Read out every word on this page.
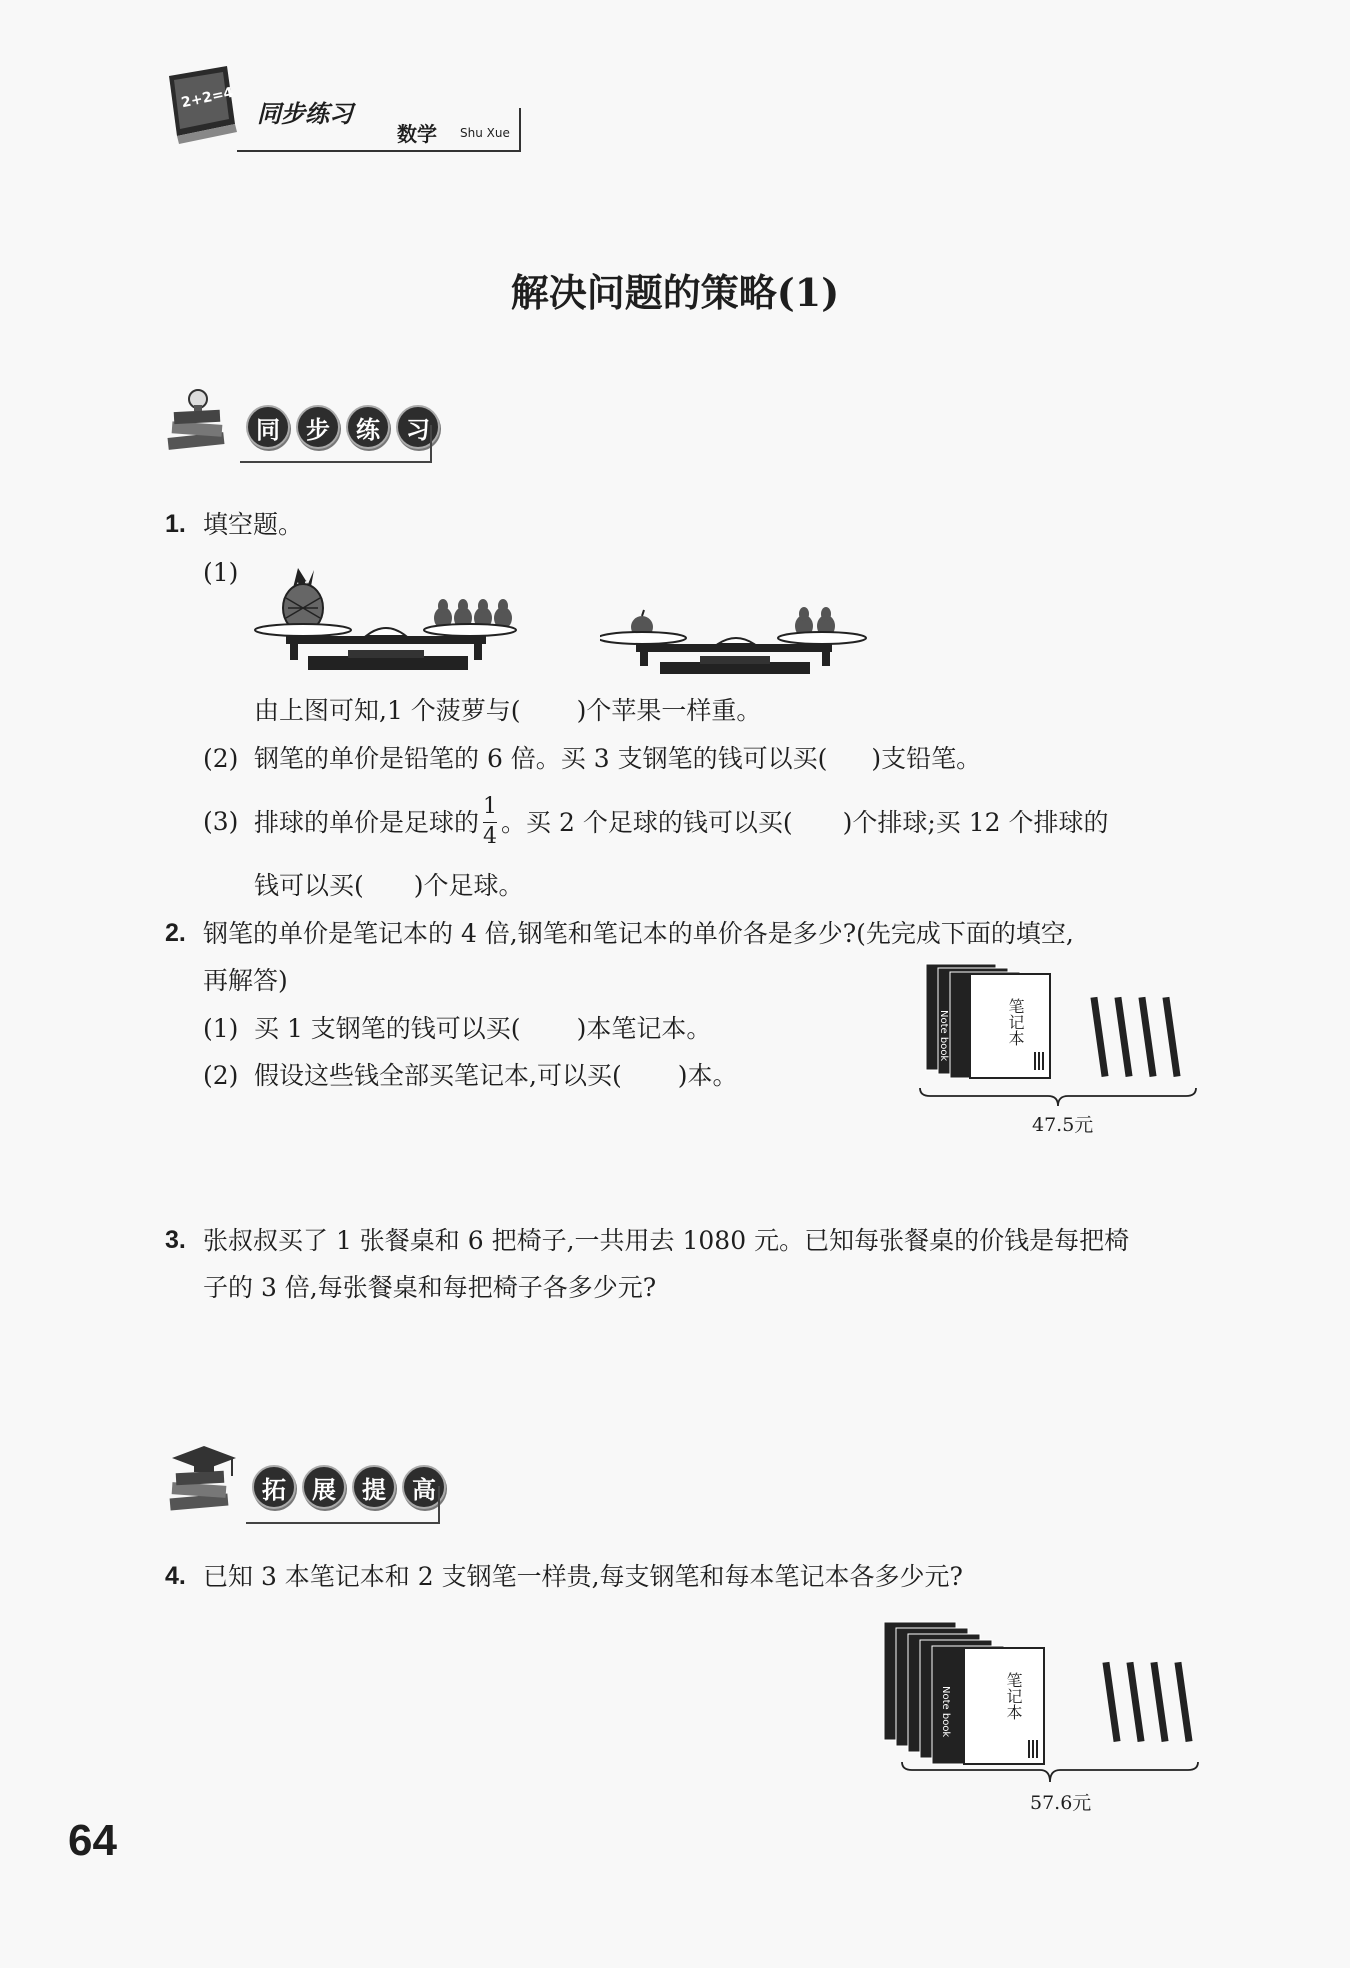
2+2=4
同步练习
数学 Shu Xue
解决问题的策略(1)
同	步	练	习
1. 填空题。
(1)
由上图可知,1 个菠萝与( )个苹果一样重。
(2) 钢笔的单价是铅笔的 6 倍。买 3 支钢笔的钱可以买( )支铅笔。
(3) 排球的单价是足球的 $\frac{1}{4}$ 。买 2 个足球的钱可以买( )个排球;买 12 个排球的
钱可以买( )个足球。
2. 钢笔的单价是笔记本的 4 倍,钢笔和笔记本的单价各是多少?(先完成下面的填空,
再解答)
(1) 买 1 支钢笔的钱可以买( )本笔记本。
(2) 假设这些钱全部买笔记本,可以买( )本。
Note book	笔记本
47.5元
3. 张叔叔买了 1 张餐桌和 6 把椅子,一共用去 1080 元。已知每张餐桌的价钱是每把椅
子的 3 倍,每张餐桌和每把椅子各多少元?
拓	展	提	高
4. 已知 3 本笔记本和 2 支钢笔一样贵,每支钢笔和每本笔记本各多少元?
Note book	笔记本
57.6元
64
